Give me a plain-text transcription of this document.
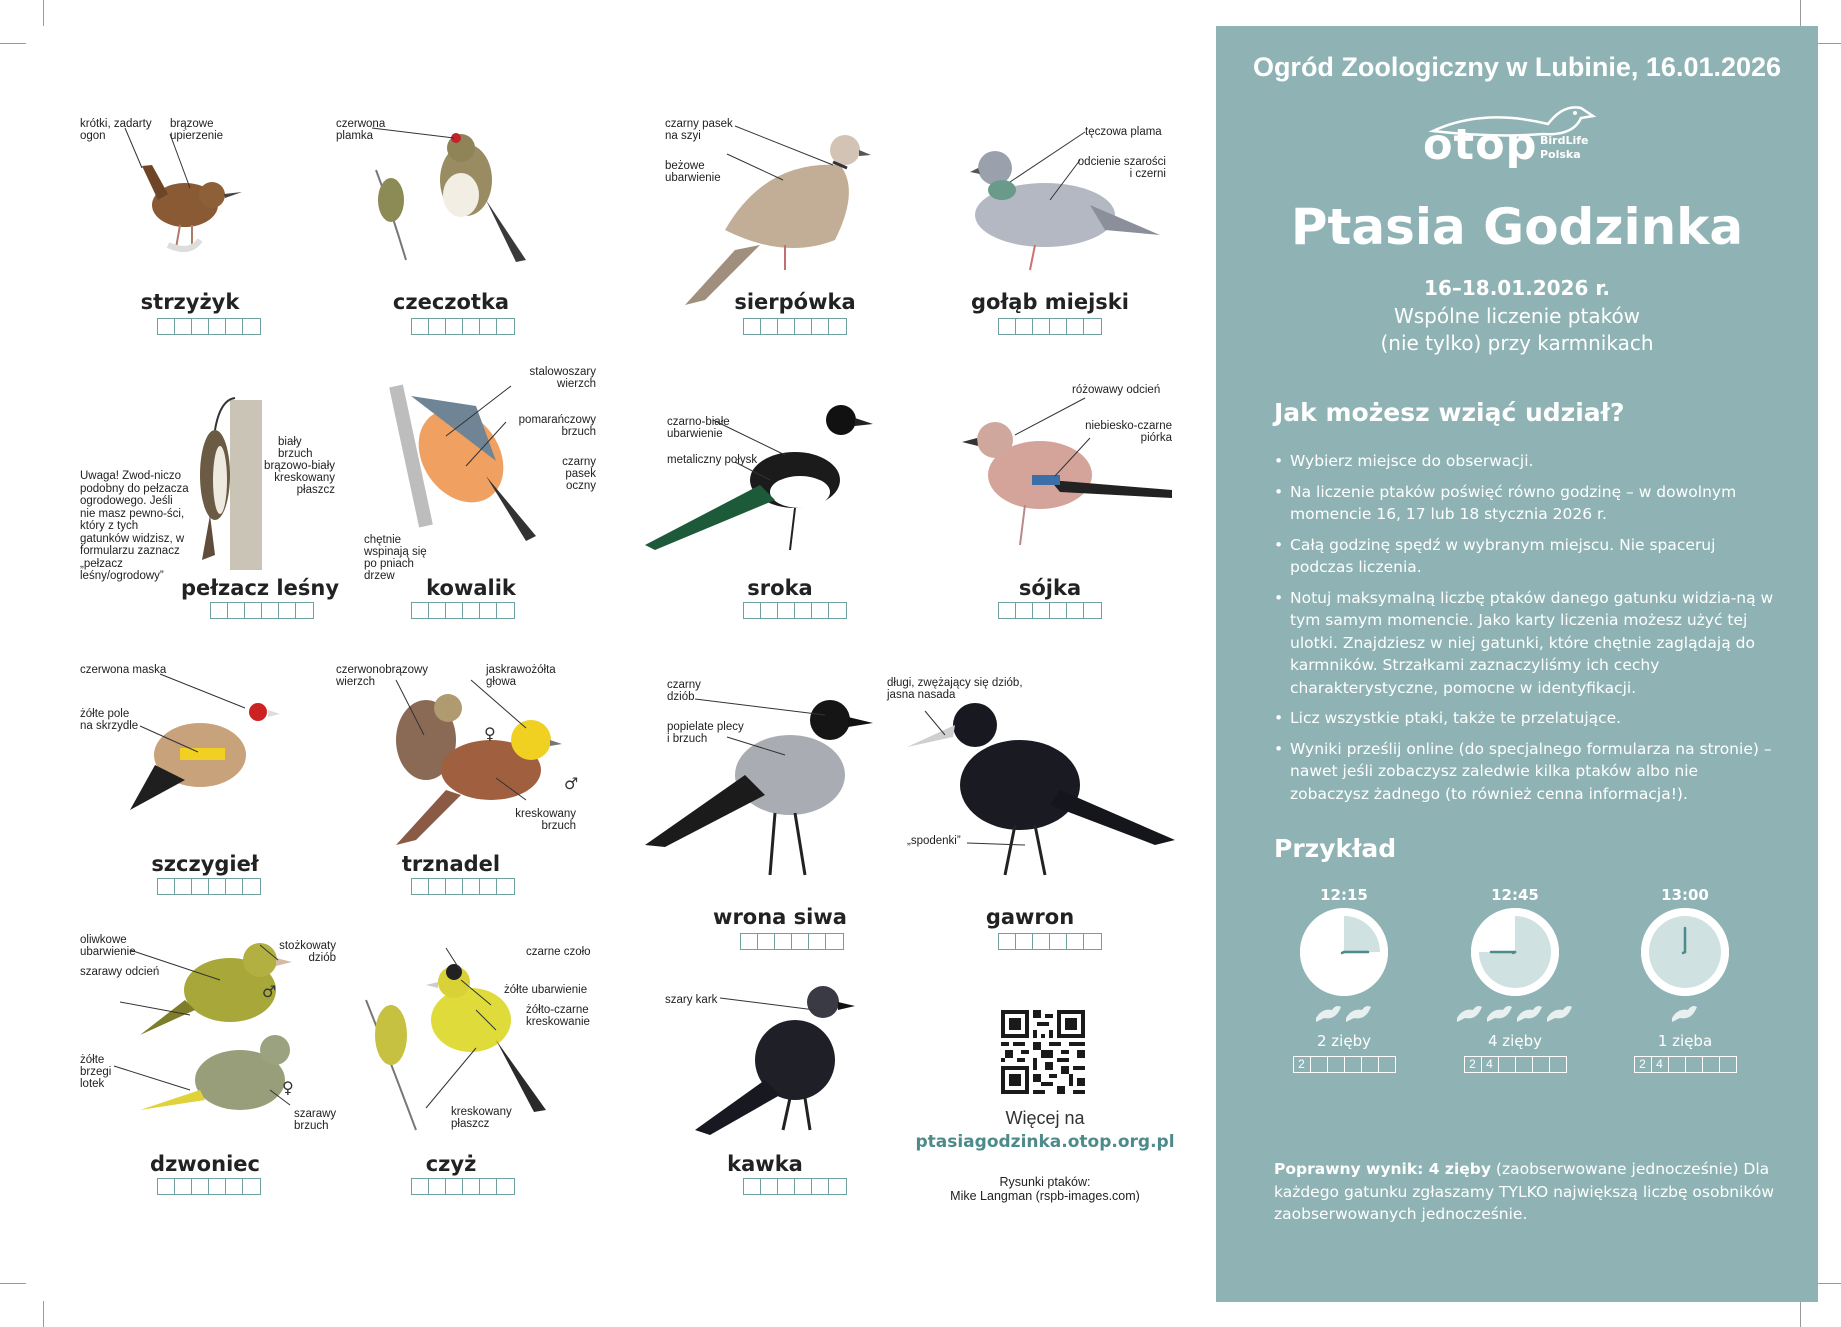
krótki, zadarty
ogon
brązowe
upierzenie
strzyżyk
czerwona
plamka
czeczotka
czarny pasek
na szyi
beżowe
ubarwienie
sierpówka
tęczowa plama
odcienie szarości
i czerni
gołąb miejski
biały brzuch
brązowo-biały
kreskowany
płaszcz
pełzacz leśny
Uwaga! Zwod-niczo podobny do pełzacza ogrodowego. Jeśli nie masz pewno-ści, który z tych gatunków widzisz, w formularzu zaznacz „pełzacz leśny/ogrodowy”
stalowoszary
wierzch
pomarańczowy
brzuch
czarny
pasek
oczny
chętnie
wspinają się
po pniach
drzew	kowalik
czarno-białe
ubarwienie
metaliczny połysk
sroka
różowawy odcień
niebiesko-czarne
piórka
sójka
czerwona maska
żółte pole
na skrzydle
szczygieł
czerwonobrązowy
wierzch
jaskrawożółta
głowa
kreskowany
brzuch
♀
♂
trznadel
czarny
dziób
popielate plecy
i brzuch
wrona siwa
długi, zwężający się dziób,
jasna nasada
„spodenki”
gawron
oliwkowe
ubarwienie	stożkowaty
dziób
szarawy odcień
żółte
brzegi
lotek
szarawy
brzuch
♂
♀
dzwoniec
czarne czoło
żółte ubarwienie
żółto-czarne
kreskowanie
kreskowany
płaszcz
czyż
szary kark
kawka
Więcej na
ptasiagodzinka.otop.org.pl
Rysunki ptaków:
Mike Langman (rspb-images.com)
Ogród Zoologiczny w Lubinie, 16.01.2026
otop BirdLife
Polska
Ptasia Godzinka
16–18.01.2026 r.
Wspólne liczenie ptaków
(nie tylko) przy karmnikach
Jak możesz wziąć udział?
• Wybierz miejsce do obserwacji.
• Na liczenie ptaków poświęć równo godzinę – w dowolnym momencie 16, 17 lub 18 stycznia 2026 r.
• Całą godzinę spędź w wybranym miejscu. Nie spaceruj podczas liczenia.
• Notuj maksymalną liczbę ptaków danego gatunku widzia-ną w tym samym momencie. Jako karty liczenia możesz użyć tej ulotki. Znajdziesz w niej gatunki, które chętnie zaglądają do karmników. Strzałkami zaznaczyliśmy ich cechy charakterystyczne, pomocne w identyfikacji.
• Licz wszystkie ptaki, także te przelatujące.
• Wyniki prześlij online (do specjalnego formularza na stronie) – nawet jeśli zobaczysz zaledwie kilka ptaków albo nie zobaczysz żadnego (to również cenna informacja!).
Przykład
12:15
2 zięby
2
12:45
4 zięby
2 4
13:00
1 zięba
2 4
Poprawny wynik: 4 zięby (zaobserwowane jednocześnie) Dla każdego gatunku zgłaszamy TYLKO największą liczbę osobników zaobserwowanych jednocześnie.
